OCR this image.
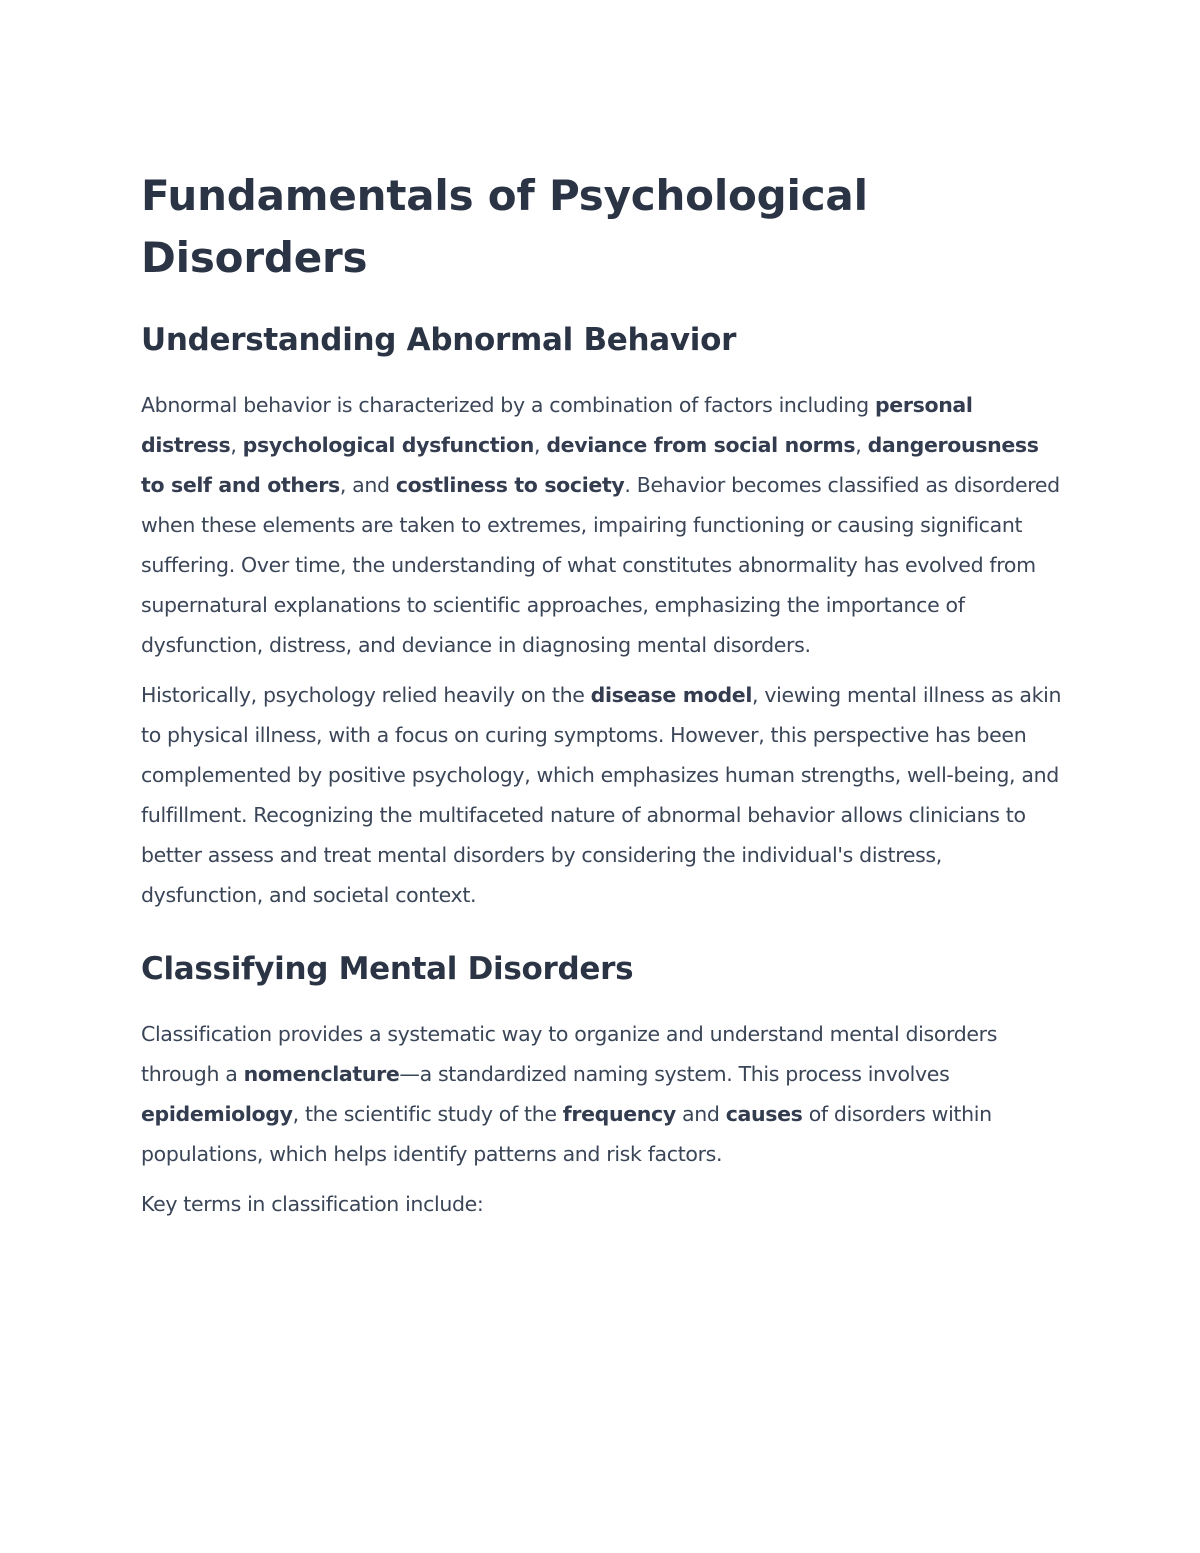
Fundamentals of Psychological Disorders
Understanding Abnormal Behavior

Abnormal behavior is characterized by a combination of factors including personal distress, psychological dysfunction, deviance from social norms, dangerousness to self and others, and costliness to society. Behavior becomes classified as disordered when these elements are taken to extremes, impairing functioning or causing significant suffering. Over time, the understanding of what constitutes abnormality has evolved from supernatural explanations to scientific approaches, emphasizing the importance of dysfunction, distress, and deviance in diagnosing mental disorders.

Historically, psychology relied heavily on the disease model, viewing mental illness as akin to physical illness, with a focus on curing symptoms. However, this perspective has been complemented by positive psychology, which emphasizes human strengths, well-being, and fulfillment. Recognizing the multifaceted nature of abnormal behavior allows clinicians to better assess and treat mental disorders by considering the individual's distress, dysfunction, and societal context.

Classifying Mental Disorders

Classification provides a systematic way to organize and understand mental disorders through a nomenclature—a standardized naming system. This process involves epidemiology, the scientific study of the frequency and causes of disorders within populations, which helps identify patterns and risk factors.

Key terms in classification include:
